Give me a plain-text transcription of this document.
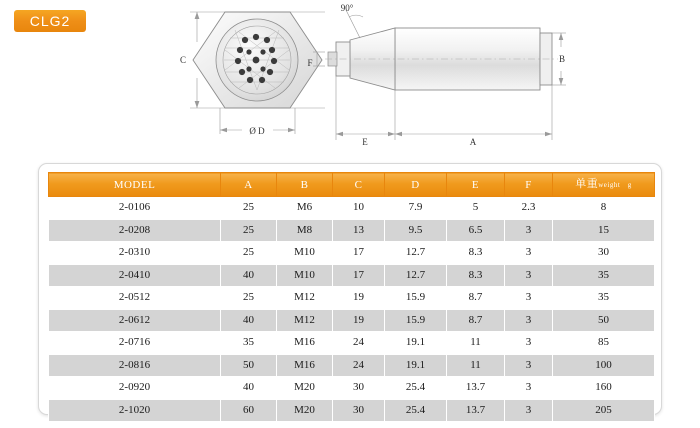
CLG2
C
Ø D
90°
F	B
E	A
MODEL	A	B	C	D	E	F	单重weight g
2-0106	25	M6	10	7.9	5	2.3	8
2-0208	25	M8	13	9.5	6.5	3	15
2-0310	25	M10	17	12.7	8.3	3	30
2-0410	40	M10	17	12.7	8.3	3	35
2-0512	25	M12	19	15.9	8.7	3	35
2-0612	40	M12	19	15.9	8.7	3	50
2-0716	35	M16	24	19.1	11	3	85
2-0816	50	M16	24	19.1	11	3	100
2-0920	40	M20	30	25.4	13.7	3	160
2-1020	60	M20	30	25.4	13.7	3	205
